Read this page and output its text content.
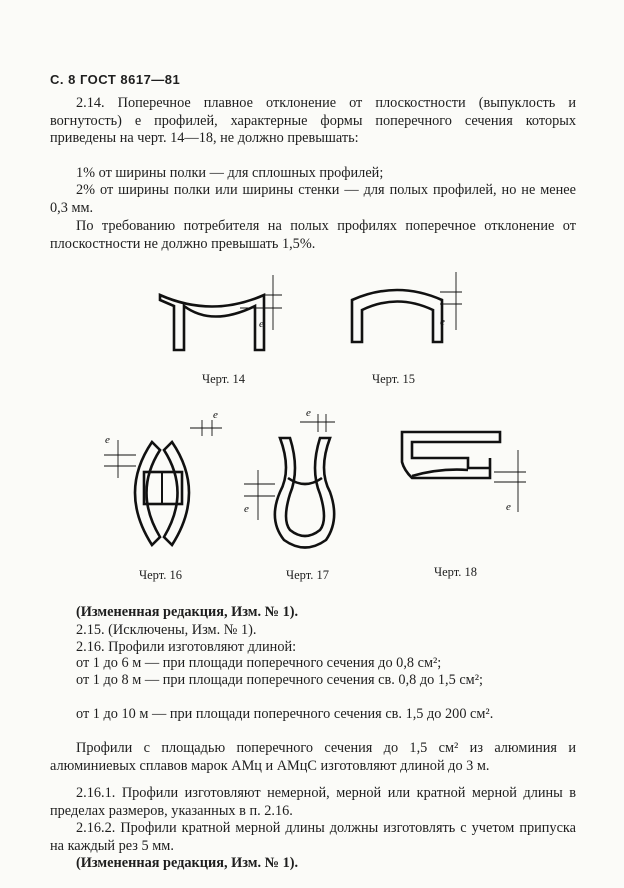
С. 8 ГОСТ 8617—81
2.14. Поперечное плавное отклонение от плоскостности (выпуклость и вогнутость) e профилей, характерные формы поперечного сечения которых приведены на черт. 14—18, не должно превышать:
1% от ширины полки — для сплошных профилей;
2% от ширины полки или ширины стенки — для полых профилей, но не менее 0,3 мм.
По требованию потребителя на полых профилях поперечное отклонение от плоскостности не должно превышать 1,5%.
e	e
e
e
e
e
e
Черт. 14	Черт. 15
Черт. 16	Черт. 17	Черт. 18
(Измененная редакция, Изм. № 1).
2.15. (Исключены, Изм. № 1).
2.16. Профили изготовляют длиной:
от 1 до 6 м — при площади поперечного сечения до 0,8 см²;
от 1 до 8 м — при площади поперечного сечения св. 0,8 до 1,5 см²;
от 1 до 10 м — при площади поперечного сечения св. 1,5 до 200 см².
Профили с площадью поперечного сечения до 1,5 см² из алюминия и алюминиевых сплавов марок АМц и АМцС изготовляют длиной до 3 м.
2.16.1. Профили изготовляют немерной, мерной или кратной мерной длины в пределах размеров, указанных в п. 2.16.
2.16.2. Профили кратной мерной длины должны изготовлять с учетом припуска на каждый рез 5 мм.
(Измененная редакция, Изм. № 1).
